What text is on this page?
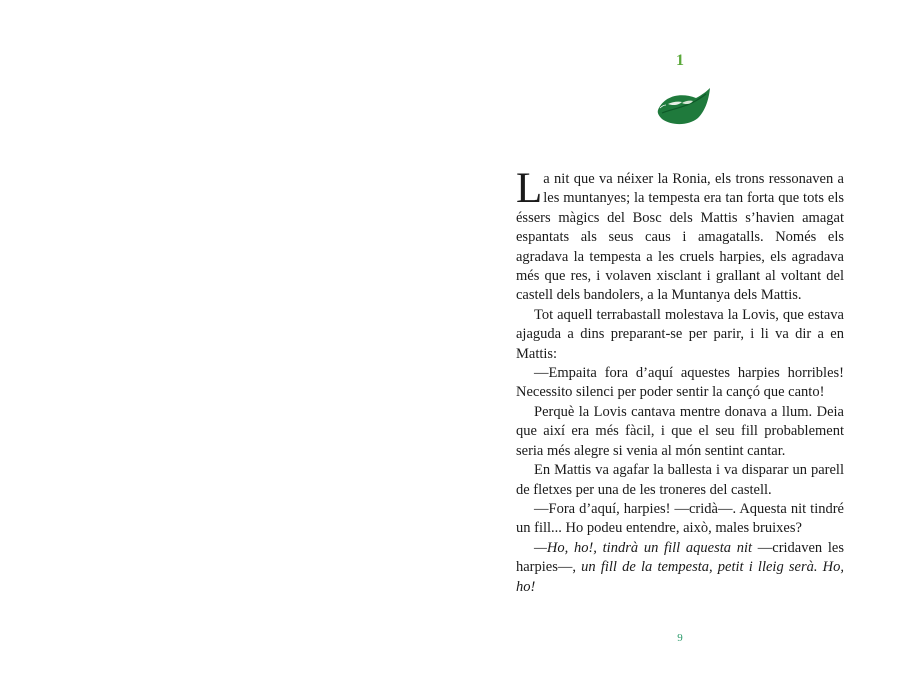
1

La nit que va néixer la Ronia, els trons ressonaven a les muntanyes; la tempesta era tan forta que tots els éssers màgics del Bosc dels Mattis s’havien amagat espantats als seus caus i amagatalls. Només els agradava la tempesta a les cruels harpies, els agradava més que res, i volaven xisclant i grallant al voltant del castell dels bandolers, a la Muntanya dels Mattis.

Tot aquell terrabastall molestava la Lovis, que estava ajaguda a dins preparant-se per parir, i li va dir a en Mattis:

—Empaita fora d’aquí aquestes harpies horribles! Necessito silenci per poder sentir la cançó que canto!

Perquè la Lovis cantava mentre donava a llum. Deia que així era més fàcil, i que el seu fill probablement seria més alegre si venia al món sentint cantar.

En Mattis va agafar la ballesta i va disparar un parell de fletxes per una de les troneres del castell.

—Fora d’aquí, harpies! —cridà—. Aquesta nit tindré un fill... Ho podeu entendre, això, males bruixes?

—Ho, ho!, tindrà un fill aquesta nit —cridaven les harpies—, un fill de la tempesta, petit i lleig serà. Ho, ho!

9
